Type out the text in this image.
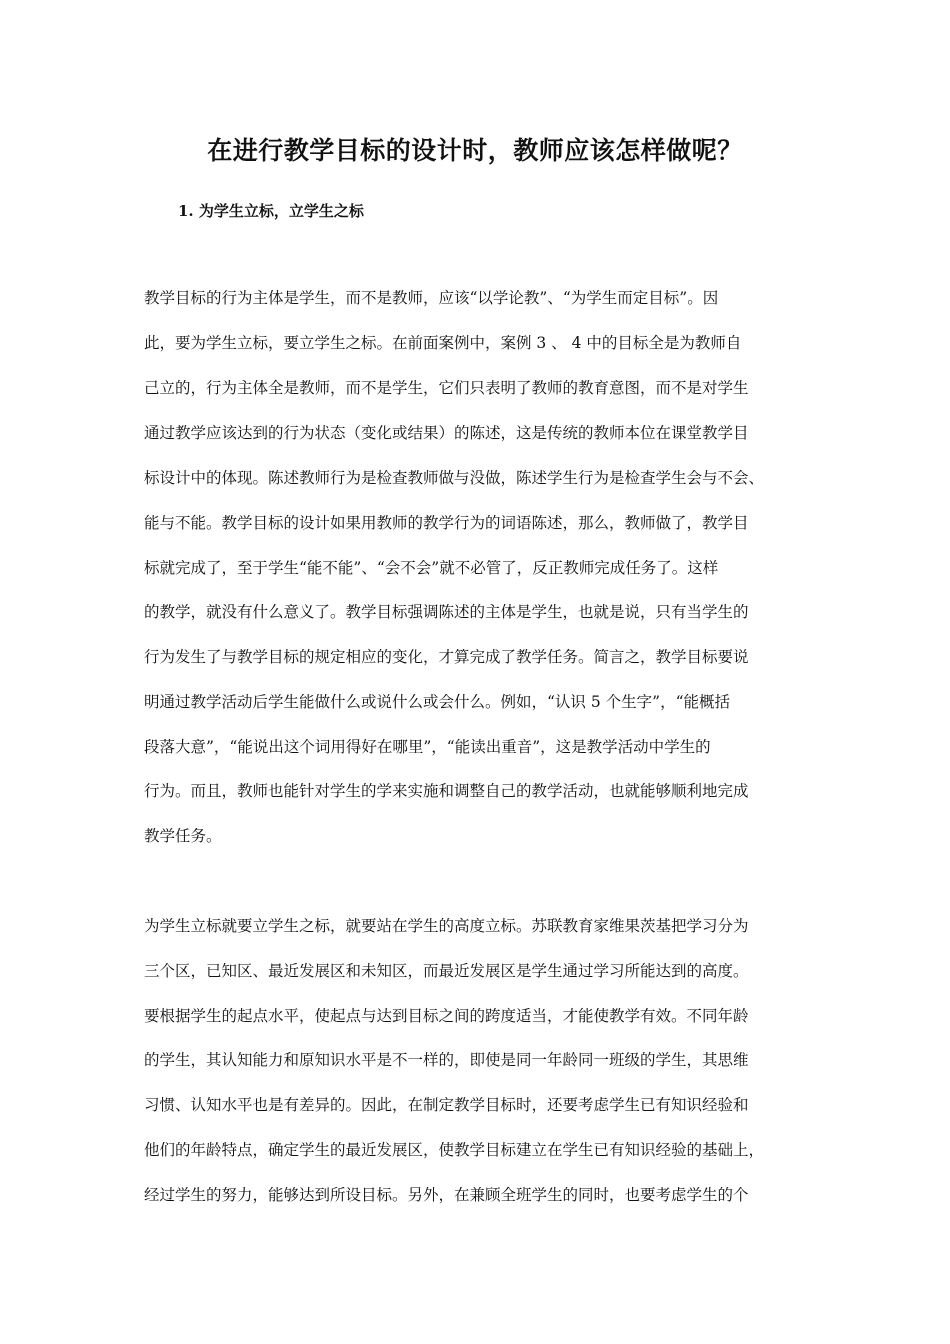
在进行教学目标的设计时，教师应该怎样做呢？
1. 为学生立标，立学生之标
教学目标的行为主体是学生，而不是教师，应该“以学论教”、“为学生而定目标”。因
此，要为学生立标，要立学生之标。在前面案例中，案例 3 、 4 中的目标全是为教师自
己立的，行为主体全是教师，而不是学生，它们只表明了教师的教育意图，而不是对学生
通过教学应该达到的行为状态（变化或结果）的陈述，这是传统的教师本位在课堂教学目
标设计中的体现。陈述教师行为是检查教师做与没做，陈述学生行为是检查学生会与不会、
能与不能。教学目标的设计如果用教师的教学行为的词语陈述，那么，教师做了，教学目
标就完成了，至于学生“能不能”、“会不会”就不必管了，反正教师完成任务了。这样
的教学，就没有什么意义了。教学目标强调陈述的主体是学生，也就是说，只有当学生的
行为发生了与教学目标的规定相应的变化，才算完成了教学任务。简言之，教学目标要说
明通过教学活动后学生能做什么或说什么或会什么。例如，“认识 5 个生字”，“能概括
段落大意”，“能说出这个词用得好在哪里”，“能读出重音”，这是教学活动中学生的
行为。而且，教师也能针对学生的学来实施和调整自己的教学活动，也就能够顺利地完成
教学任务。
为学生立标就要立学生之标，就要站在学生的高度立标。苏联教育家维果茨基把学习分为
三个区，已知区、最近发展区和未知区，而最近发展区是学生通过学习所能达到的高度。
要根据学生的起点水平，使起点与达到目标之间的跨度适当，才能使教学有效。不同年龄
的学生，其认知能力和原知识水平是不一样的，即使是同一年龄同一班级的学生，其思维
习惯、认知水平也是有差异的。因此，在制定教学目标时，还要考虑学生已有知识经验和
他们的年龄特点，确定学生的最近发展区，使教学目标建立在学生已有知识经验的基础上，
经过学生的努力，能够达到所设目标。另外，在兼顾全班学生的同时，也要考虑学生的个
